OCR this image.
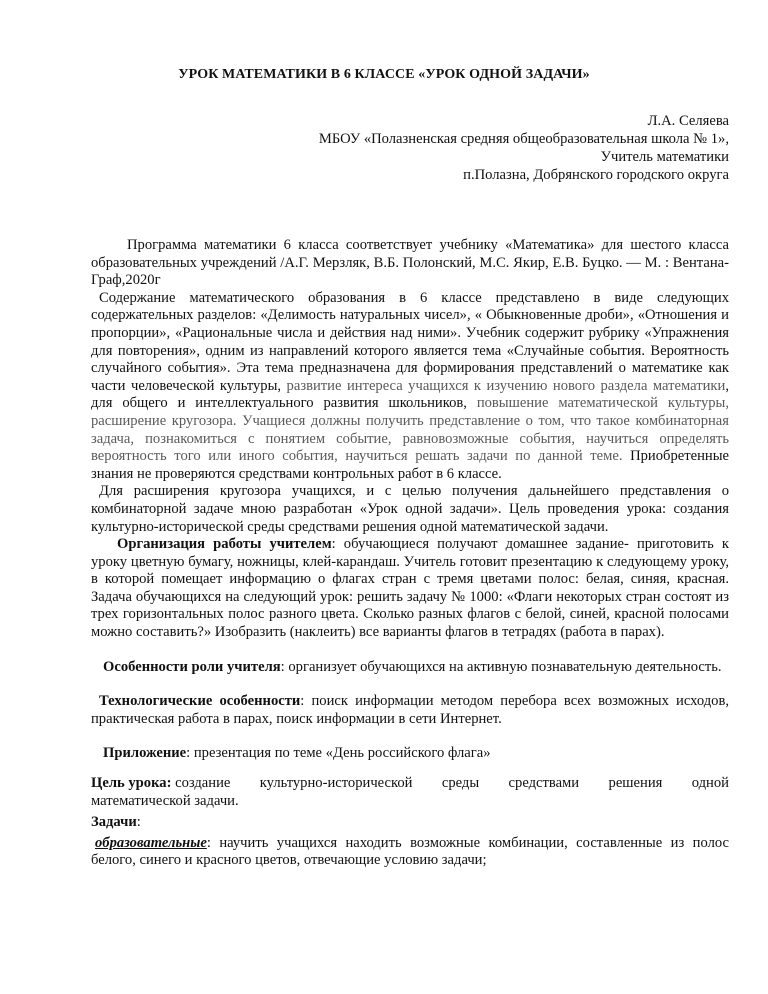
УРОК МАТЕМАТИКИ В 6 КЛАССЕ «УРОК ОДНОЙ ЗАДАЧИ»
Л.А. Селяева
МБОУ «Полазненская средняя общеобразовательная школа № 1»,
Учитель математики
п.Полазна, Добрянского городского округа

Программа математики 6 класса соответствует учебнику «Математика» для шестого класса образовательных учреждений /А.Г. Мерзляк, В.Б. Полонский, М.С. Якир, Е.В. Буцко. — М. : Вентана-Граф,2020г

Содержание математического образования в 6 классе представлено в виде следующих содержательных разделов: «Делимость натуральных чисел», « Обыкновенные дроби», «Отношения и пропорции», «Рациональные числа и действия над ними». Учебник содержит рубрику «Упражнения для повторения», одним из направлений которого является тема «Случайные события. Вероятность случайного события». Эта тема предназначена для формирования представлений о математике как части человеческой культуры, развитие интереса учащихся к изучению нового раздела математики, для общего и интеллектуального развития школьников, повышение математической культуры, расширение кругозора. Учащиеся должны получить представление о том, что такое комбинаторная задача, познакомиться с понятием событие, равновозможные события, научиться определять вероятность того или иного события, научиться решать задачи по данной теме. Приобретенные знания не проверяются средствами контрольных работ в 6 классе.

Для расширения кругозора учащихся, и с целью получения дальнейшего представления о комбинаторной задаче мною разработан «Урок одной задачи». Цель проведения урока: создания культурно-исторической среды средствами решения одной математической задачи.

Организация работы учителем: обучающиеся получают домашнее задание- приготовить к уроку цветную бумагу, ножницы, клей-карандаш. Учитель готовит презентацию к следующему уроку, в которой помещает информацию о флагах стран с тремя цветами полос: белая, синяя, красная. Задача обучающихся на следующий урок: решить задачу № 1000: «Флаги некоторых стран состоят из трех горизонтальных полос разного цвета. Сколько разных флагов с белой, синей, красной полосами можно составить?» Изобразить (наклеить) все варианты флагов в тетрадях (работа в парах).

Особенности роли учителя: организует обучающихся на активную познавательную деятельность.

Технологические особенности: поиск информации методом перебора всех возможных исходов, практическая работа в парах, поиск информации в сети Интернет.

Приложение: презентация по теме «День российского флага»

Цель урока: создание культурно-исторической среды средствами решения одной
математической задачи.
Задачи:

образовательные: научить учащихся находить возможные комбинации, составленные из полос белого, синего и красного цветов, отвечающие условию задачи;
